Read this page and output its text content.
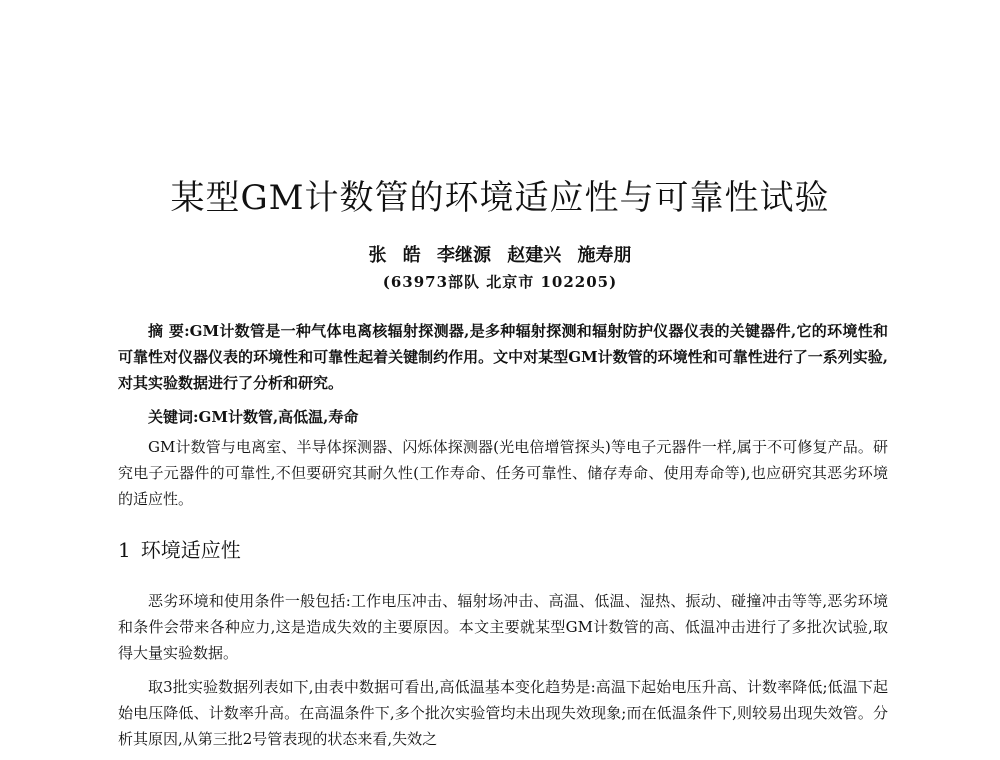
某型GM计数管的环境适应性与可靠性试验
张 皓 李继源 赵建兴 施寿朋
(63973部队 北京市 102205)
摘 要:GM计数管是一种气体电离核辐射探测器,是多种辐射探测和辐射防护仪器仪表的关键器件,它的环境性和可靠性对仪器仪表的环境性和可靠性起着关键制约作用。文中对某型GM计数管的环境性和可靠性进行了一系列实验,对其实验数据进行了分析和研究。
关键词:GM计数管,高低温,寿命
GM计数管与电离室、半导体探测器、闪烁体探测器(光电倍增管探头)等电子元器件一样,属于不可修复产品。研究电子元器件的可靠性,不但要研究其耐久性(工作寿命、任务可靠性、储存寿命、使用寿命等),也应研究其恶劣环境的适应性。
1 环境适应性
恶劣环境和使用条件一般包括:工作电压冲击、辐射场冲击、高温、低温、湿热、振动、碰撞冲击等等,恶劣环境和条件会带来各种应力,这是造成失效的主要原因。本文主要就某型GM计数管的高、低温冲击进行了多批次试验,取得大量实验数据。
取3批实验数据列表如下,由表中数据可看出,高低温基本变化趋势是:高温下起始电压升高、计数率降低;低温下起始电压降低、计数率升高。在高温条件下,多个批次实验管均未出现失效现象;而在低温条件下,则较易出现失效管。分析其原因,从第三批2号管表现的状态来看,失效之
